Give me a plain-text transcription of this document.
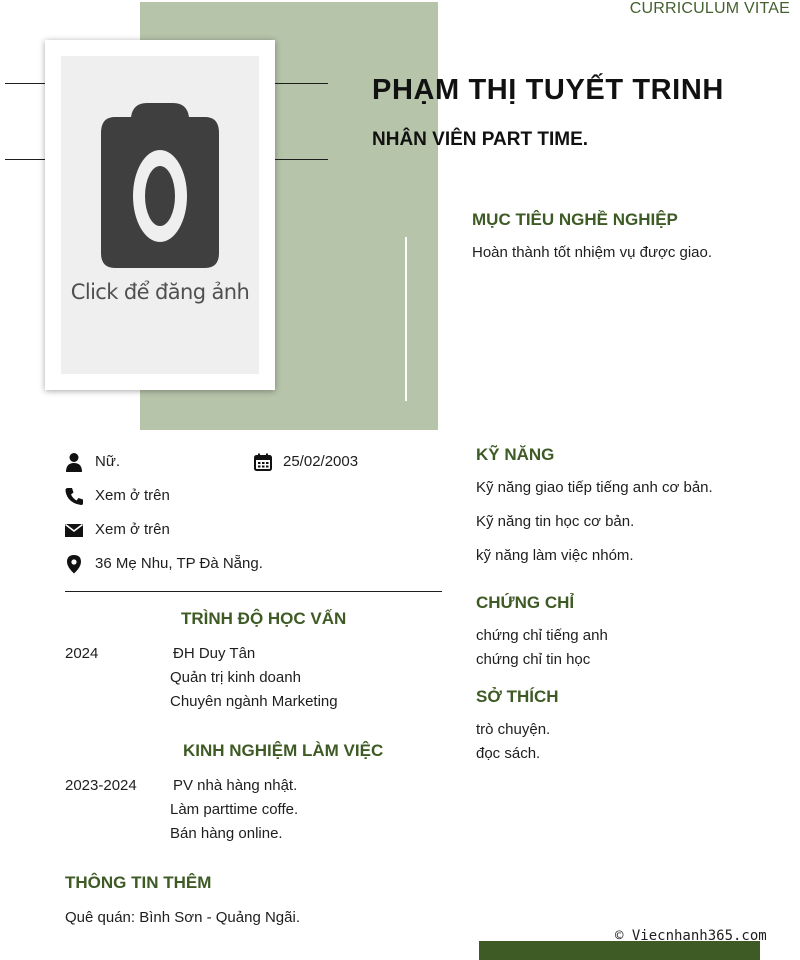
CURRICULUM VITAE
Click để đăng ảnh
PHẠM THỊ TUYẾT TRINH
NHÂN VIÊN PART TIME.
MỤC TIÊU NGHỀ NGHIỆP
Hoàn thành tốt nhiệm vụ được giao.
Nữ.	25/02/2003
Xem ở trên
Xem ở trên
36 Mẹ Nhu, TP Đà Nẵng.
TRÌNH ĐỘ HỌC VẤN
2024	ĐH Duy Tân
Quản trị kinh doanh
Chuyên ngành Marketing
KINH NGHIỆM LÀM VIỆC
2023-2024 PV nhà hàng nhật.
Làm parttime coffe.
Bán hàng online.
THÔNG TIN THÊM
Quê quán: Bình Sơn - Quảng Ngãi.
KỸ NĂNG
Kỹ năng giao tiếp tiếng anh cơ bản.
Kỹ năng tin học cơ bản.
kỹ năng làm việc nhóm.
CHỨNG CHỈ
chứng chỉ tiếng anh
chứng chỉ tin học
SỞ THÍCH
trò chuyện.
đọc sách.
© Viecnhanh365.com
